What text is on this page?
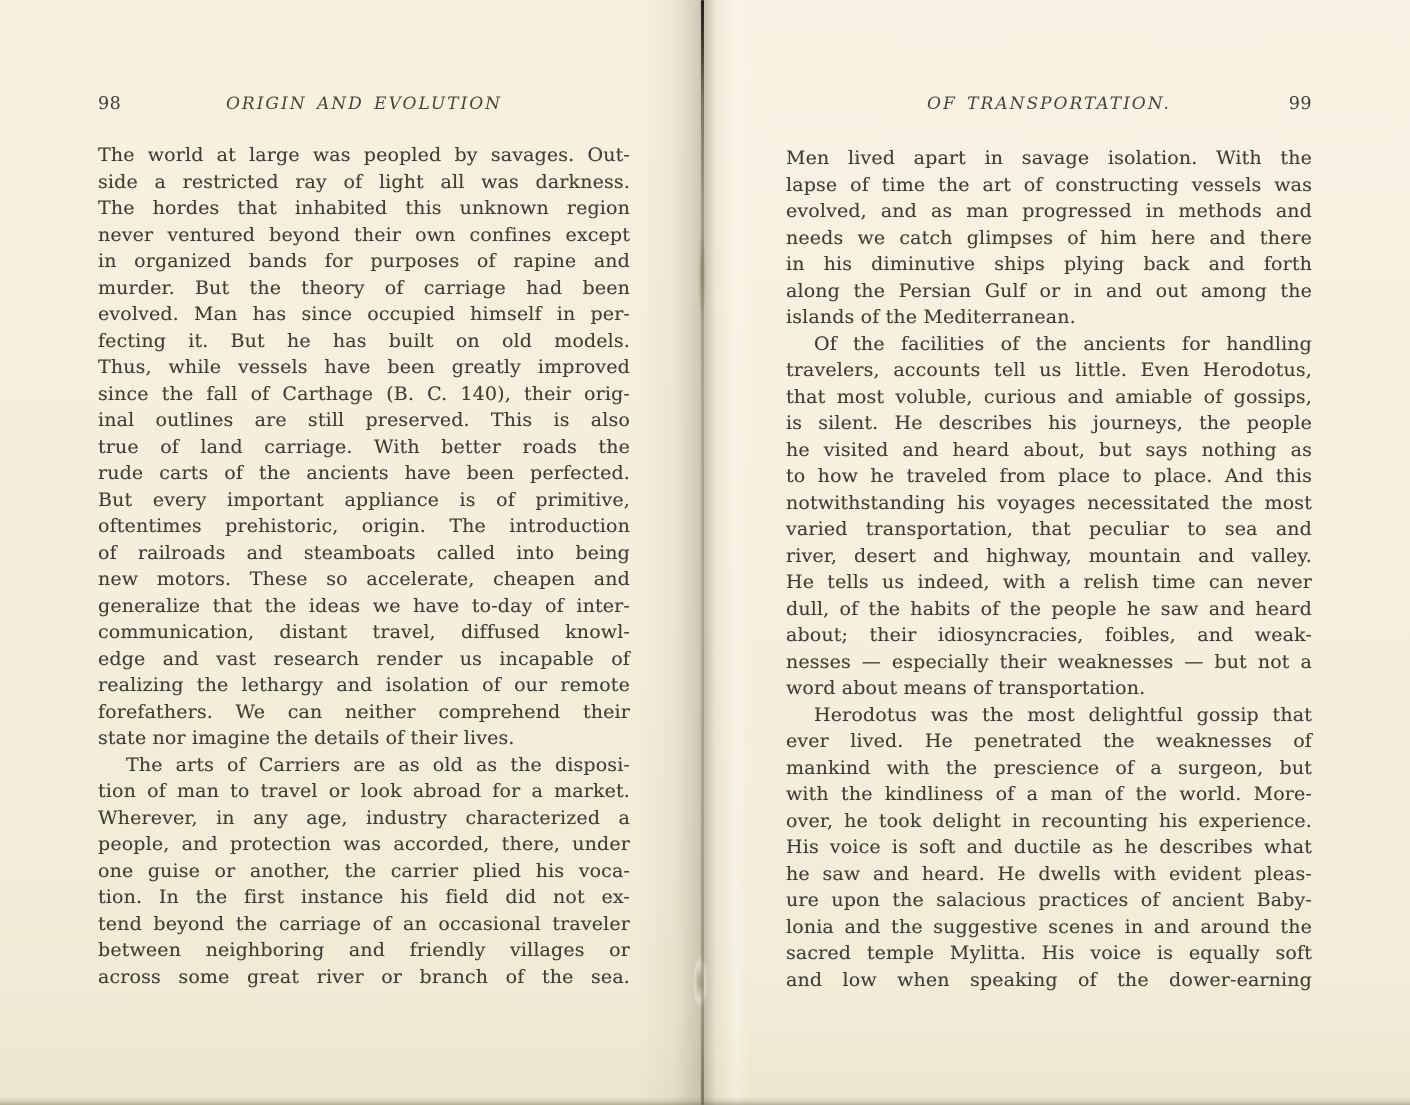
98	ORIGIN AND EVOLUTION	OF TRANSPORTATION.	99
The world at large was peopled by savages. Out-
side a restricted ray of light all was darkness.
The hordes that inhabited this unknown region
never ventured beyond their own confines except
in organized bands for purposes of rapine and
murder. But the theory of carriage had been
evolved. Man has since occupied himself in per-
fecting it. But he has built on old models.
Thus, while vessels have been greatly improved
since the fall of Carthage (B. C. 140), their orig-
inal outlines are still preserved. This is also
true of land carriage. With better roads the
rude carts of the ancients have been perfected.
But every important appliance is of primitive,
oftentimes prehistoric, origin. The introduction
of railroads and steamboats called into being
new motors. These so accelerate, cheapen and
generalize that the ideas we have to-day of inter-
communication, distant travel, diffused knowl-
edge and vast research render us incapable of
realizing the lethargy and isolation of our remote
forefathers. We can neither comprehend their
state nor imagine the details of their lives.
The arts of Carriers are as old as the disposi-
tion of man to travel or look abroad for a market.
Wherever, in any age, industry characterized a
people, and protection was accorded, there, under
one guise or another, the carrier plied his voca-
tion. In the first instance his field did not ex-
tend beyond the carriage of an occasional traveler
between neighboring and friendly villages or
across some great river or branch of the sea.
Men lived apart in savage isolation. With the
lapse of time the art of constructing vessels was
evolved, and as man progressed in methods and
needs we catch glimpses of him here and there
in his diminutive ships plying back and forth
along the Persian Gulf or in and out among the
islands of the Mediterranean.
Of the facilities of the ancients for handling
travelers, accounts tell us little. Even Herodotus,
that most voluble, curious and amiable of gossips,
is silent. He describes his journeys, the people
he visited and heard about, but says nothing as
to how he traveled from place to place. And this
notwithstanding his voyages necessitated the most
varied transportation, that peculiar to sea and
river, desert and highway, mountain and valley.
He tells us indeed, with a relish time can never
dull, of the habits of the people he saw and heard
about; their idiosyncracies, foibles, and weak-
nesses — especially their weaknesses — but not a
word about means of transportation.
Herodotus was the most delightful gossip that
ever lived. He penetrated the weaknesses of
mankind with the prescience of a surgeon, but
with the kindliness of a man of the world. More-
over, he took delight in recounting his experience.
His voice is soft and ductile as he describes what
he saw and heard. He dwells with evident pleas-
ure upon the salacious practices of ancient Baby-
lonia and the suggestive scenes in and around the
sacred temple Mylitta. His voice is equally soft
and low when speaking of the dower-earning
